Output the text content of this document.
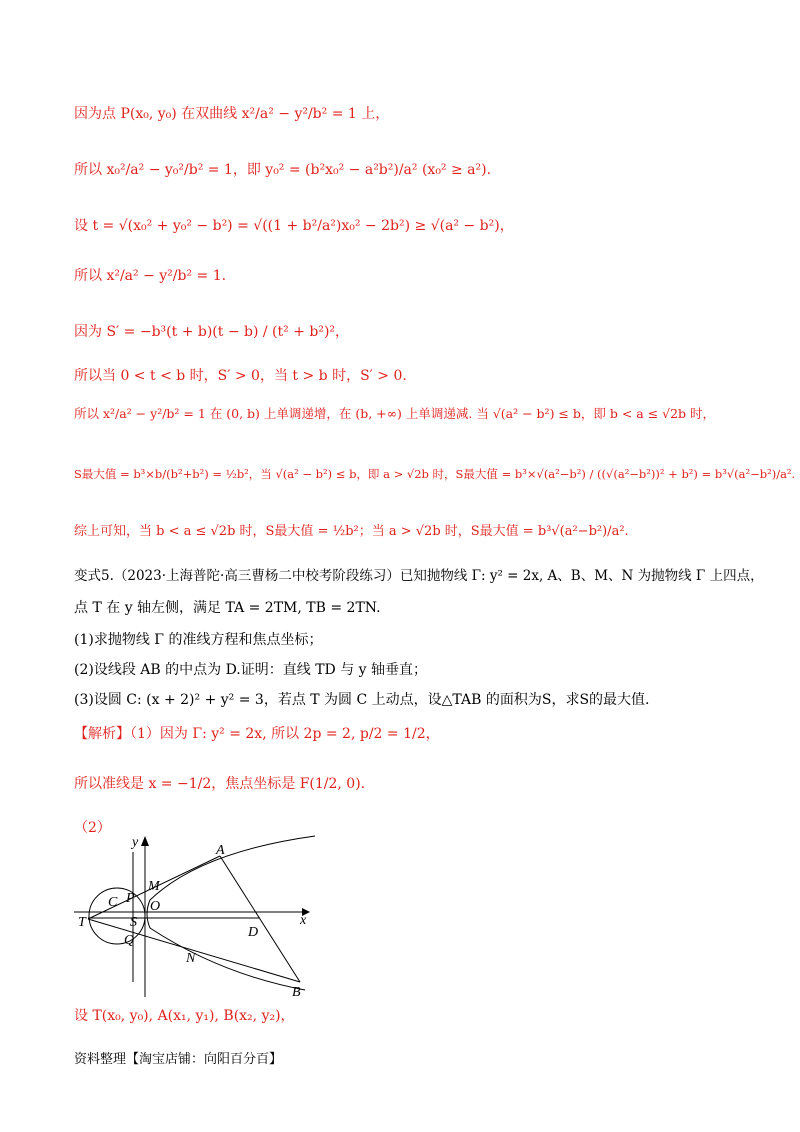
因为点 P(x₀, y₀) 在双曲线 x²/a² − y²/b² = 1 上，
所以 x₀²/a² − y₀²/b² = 1，即 y₀² = (b²x₀² − a²b²)/a² (x₀² ≥ a²).
设 t = √(x₀² + y₀² − b²) = √((1 + b²/a²)x₀² − 2b²) ≥ √(a² − b²)，
所以 x²/a² − y²/b² = 1.
因为 S′ = −b³(t + b)(t − b) / (t² + b²)²，
所以当 0 < t < b 时，S′ > 0，当 t > b 时，S′ > 0.
所以 x²/a² − y²/b² = 1 在 (0, b) 上单调递增，在 (b, +∞) 上单调递减. 当 √(a² − b²) ≤ b，即 b < a ≤ √2b 时，
S最大值 = b³×b/(b²+b²) = ½b²，当 √(a² − b²) ≤ b，即 a > √2b 时，S最大值 = b³×√(a²−b²) / ((√(a²−b²))² + b²) = b³√(a²−b²)/a².
综上可知，当 b < a ≤ √2b 时，S最大值 = ½b²；当 a > √2b 时，S最大值 = b³√(a²−b²)/a².
变式5.（2023·上海普陀·高三曹杨二中校考阶段练习）已知抛物线 Γ: y² = 2x, A、B、M、N 为抛物线 Γ 上四点，
点 T 在 y 轴左侧，满足 TA = 2TM, TB = 2TN.
(1)求抛物线 Γ 的准线方程和焦点坐标；
(2)设线段 AB 的中点为 D.证明：直线 TD 与 y 轴垂直；
(3)设圆 C: (x + 2)² + y² = 3，若点 T 为圆 C 上动点，设△TAB 的面积为S，求S的最大值.
【解析】（1）因为 Γ: y² = 2x, 所以 2p = 2, p/2 = 1/2，
所以准线是 x = −1/2，焦点坐标是 F(1/2, 0).
（2）
y
A
M
C P
O
T	S	x
D
Q
N
B
设 T(x₀, y₀), A(x₁, y₁), B(x₂, y₂)，
资料整理【淘宝店铺：向阳百分百】
